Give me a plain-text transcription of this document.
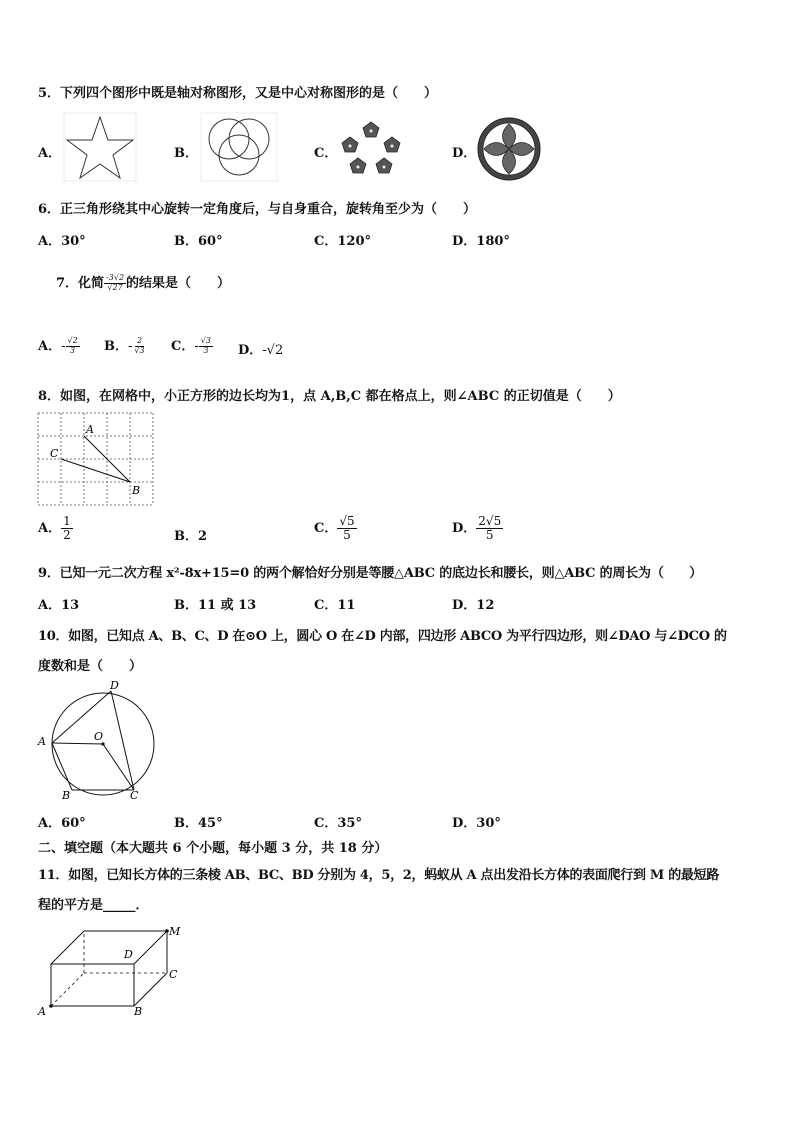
5．下列四个图形中既是轴对称图形，又是中心对称图形的是（　　）
A．	B．	C．	D．
6．正三角形绕其中心旋转一定角度后，与自身重合，旋转角至少为（　　）
A．30°	B．60°	C．120°	D．180°
7．化简 $\frac{-3√2}{√27}$ 的结果是（　　）
A．- $\frac{√2}{3}$ B．- $\frac{2}{√3}$ C．- $\frac{√3}{3}$ D．-√2
8．如图，在网格中，小正方形的边长均为1，点 A,B,C 都在格点上，则∠ABC 的正切值是（　　）
A
C
B
A． $\frac{1}{2}$	B．2
C． $\frac{√5}{5}$	D． $\frac{2√5}{5}$
9．已知一元二次方程 x²-8x+15=0 的两个解恰好分别是等腰△ABC 的底边长和腰长，则△ABC 的周长为（　　）
A．13	B．11 或 13	C．11	D．12
10．如图，已知点 A、B、C、D 在⊙O 上，圆心 O 在∠D 内部，四边形 ABCO 为平行四边形，则∠DAO 与∠DCO 的
度数和是（　　）
D
A	O
B	C
A．60°	B．45°	C．35°	D．30°
二、填空题（本大题共 6 个小题，每小题 3 分，共 18 分）
11．如图，已知长方体的三条棱 AB、BC、BD 分别为 4，5，2，蚂蚁从 A 点出发沿长方体的表面爬行到 M 的最短路
程的平方是_____．
M
D
C
A	B
